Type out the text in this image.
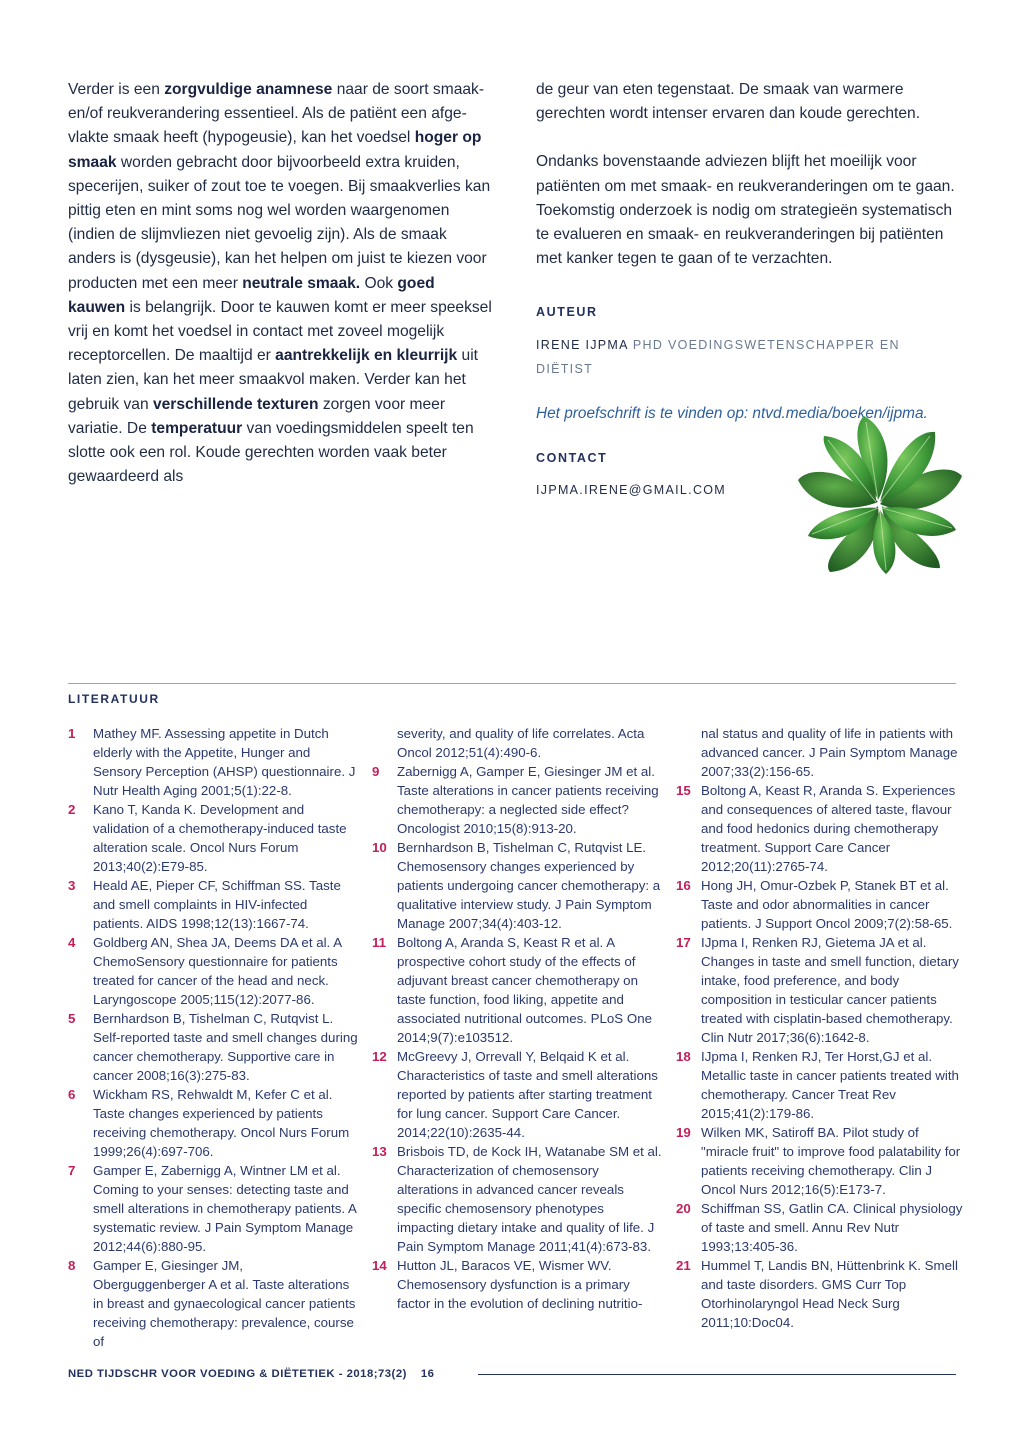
Verder is een zorgvuldige anamnese naar de soort smaak-en/of reukverandering essentieel. Als de patiënt een afge-vlakte smaak heeft (hypogeusie), kan het voedsel hoger op smaak worden gebracht door bijvoorbeeld extra kruiden, specerijen, suiker of zout toe te voegen. Bij smaakverlies kan pittig eten en mint soms nog wel worden waargenomen (indien de slijmvliezen niet gevoelig zijn). Als de smaak anders is (dysgeusie), kan het helpen om juist te kiezen voor producten met een meer neutrale smaak. Ook goed kauwen is belangrijk. Door te kauwen komt er meer speeksel vrij en komt het voedsel in contact met zoveel mogelijk receptorcellen. De maaltijd er aantrekkelijk en kleurrijk uit laten zien, kan het meer smaakvol maken. Verder kan het gebruik van verschillende texturen zorgen voor meer variatie. De temperatuur van voedingsmiddelen speelt ten slotte ook een rol. Koude gerechten worden vaak beter gewaardeerd als

de geur van eten tegenstaat. De smaak van warmere gerechten wordt intenser ervaren dan koude gerechten.

Ondanks bovenstaande adviezen blijft het moeilijk voor patiënten om met smaak- en reukveranderingen om te gaan. Toekomstig onderzoek is nodig om strategieën systematisch te evalueren en smaak- en reukveranderingen bij patiënten met kanker tegen te gaan of te verzachten.

AUTEUR
IRENE IJPMA PHD VOEDINGSWETENSCHAPPER EN DIËTIST
Het proefschrift is te vinden op: ntvd.media/boeken/ijpma.
CONTACT
IJPMA.IRENE@GMAIL.COM
LITERATUUR

1 Mathey MF. Assessing appetite in Dutch elderly with the Appetite, Hunger and Sensory Perception (AHSP) questionnaire. J Nutr Health Aging 2001;5(1):22-8.

2 Kano T, Kanda K. Development and validation of a chemotherapy-induced taste alteration scale. Oncol Nurs Forum 2013;40(2):E79-85.

3 Heald AE, Pieper CF, Schiffman SS. Taste and smell complaints in HIV-infected patients. AIDS 1998;12(13):1667-74.

4 Goldberg AN, Shea JA, Deems DA et al. A ChemoSensory questionnaire for patients treated for cancer of the head and neck. Laryngoscope 2005;115(12):2077-86.

5 Bernhardson B, Tishelman C, Rutqvist L. Self-reported taste and smell changes during cancer chemotherapy. Supportive care in cancer 2008;16(3):275-83.

6 Wickham RS, Rehwaldt M, Kefer C et al. Taste changes experienced by patients receiving chemotherapy. Oncol Nurs Forum 1999;26(4):697-706.

7 Gamper E, Zabernigg A, Wintner LM et al. Coming to your senses: detecting taste and smell alterations in chemotherapy patients. A systematic review. J Pain Symptom Manage 2012;44(6):880-95.

8 Gamper E, Giesinger JM, Oberguggenberger A et al. Taste alterations in breast and gynaecological cancer patients receiving chemotherapy: prevalence, course of

severity, and quality of life correlates. Acta Oncol 2012;51(4):490-6.

9 Zabernigg A, Gamper E, Giesinger JM et al. Taste alterations in cancer patients receiving chemotherapy: a neglected side effect? Oncologist 2010;15(8):913-20.

10 Bernhardson B, Tishelman C, Rutqvist LE. Chemosensory changes experienced by patients undergoing cancer chemotherapy: a qualitative interview study. J Pain Symptom Manage 2007;34(4):403-12.

11 Boltong A, Aranda S, Keast R et al. A prospective cohort study of the effects of adjuvant breast cancer chemotherapy on taste function, food liking, appetite and associated nutritional outcomes. PLoS One 2014;9(7):e103512.

12 McGreevy J, Orrevall Y, Belqaid K et al. Characteristics of taste and smell alterations reported by patients after starting treatment for lung cancer. Support Care Cancer. 2014;22(10):2635-44.

13 Brisbois TD, de Kock IH, Watanabe SM et al. Characterization of chemosensory alterations in advanced cancer reveals specific chemosensory phenotypes impacting dietary intake and quality of life. J Pain Symptom Manage 2011;41(4):673-83.

14 Hutton JL, Baracos VE, Wismer WV. Chemosensory dysfunction is a primary factor in the evolution of declining nutritio-

nal status and quality of life in patients with advanced cancer. J Pain Symptom Manage 2007;33(2):156-65.

15 Boltong A, Keast R, Aranda S. Experiences and consequences of altered taste, flavour and food hedonics during chemotherapy treatment. Support Care Cancer 2012;20(11):2765-74.

16 Hong JH, Omur-Ozbek P, Stanek BT et al. Taste and odor abnormalities in cancer patients. J Support Oncol 2009;7(2):58-65.

17 IJpma I, Renken RJ, Gietema JA et al. Changes in taste and smell function, dietary intake, food preference, and body composition in testicular cancer patients treated with cisplatin-based chemotherapy. Clin Nutr 2017;36(6):1642-8.

18 IJpma I, Renken RJ, Ter Horst,GJ et al. Metallic taste in cancer patients treated with chemotherapy. Cancer Treat Rev 2015;41(2):179-86.

19 Wilken MK, Satiroff BA. Pilot study of "miracle fruit" to improve food palatability for patients receiving chemotherapy. Clin J Oncol Nurs 2012;16(5):E173-7.

20 Schiffman SS, Gatlin CA. Clinical physiology of taste and smell. Annu Rev Nutr 1993;13:405-36.

21 Hummel T, Landis BN, Hüttenbrink K. Smell and taste disorders. GMS Curr Top Otorhinolaryngol Head Neck Surg 2011;10:Doc04.

NED TIJDSCHR VOOR VOEDING & DIËTETIEK - 2018;73(2) 16
